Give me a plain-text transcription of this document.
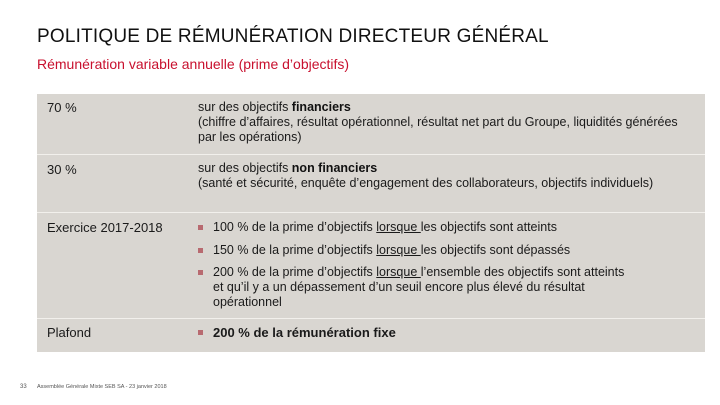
POLITIQUE DE RÉMUNÉRATION DIRECTEUR GÉNÉRAL
Rémunération variable annuelle (prime d’objectifs)
70 %	sur des objectifs financiers
(chiffre d’affaires, résultat opérationnel, résultat net part du Groupe, liquidités générées par les opérations)
30 %	sur des objectifs non financiers
(santé et sécurité, enquête d’engagement des collaborateurs, objectifs individuels)
Exercice 2017-2018	100 % de la prime d’objectifs lorsque les objectifs sont atteints
150 % de la prime d’objectifs lorsque les objectifs sont dépassés
200 % de la prime d’objectifs lorsque l’ensemble des objectifs sont atteints et qu’il y a un dépassement d’un seuil encore plus élevé du résultat opérationnel
Plafond	200 % de la rémunération fixe
33 Assemblée Générale Mixte SEB SA - 23 janvier 2018
